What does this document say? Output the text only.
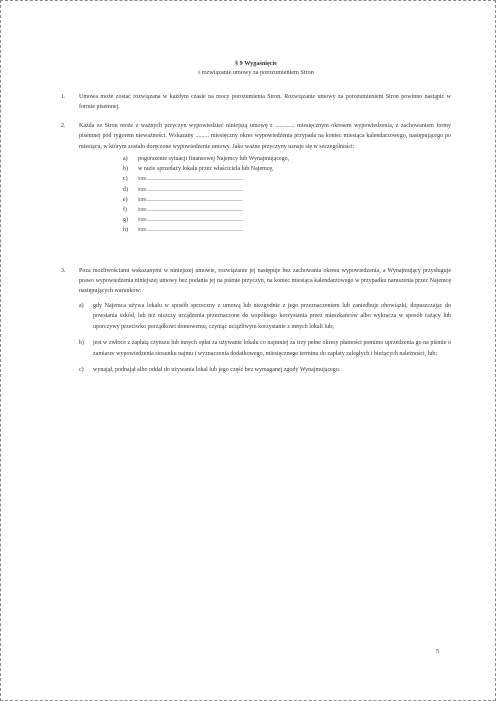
§ 9 Wygaśnięcie
i rozwiązanie umowy za porozumieniem Stron
1. Umowa może zostać rozwiązana w każdym czasie na mocy porozumienia Stron. Rozwiązanie umowy za porozumieniem Stron powinno nastąpić w formie pisemnej.
2. Każda ze Stron może z ważnych przyczyn wypowiedzieć niniejszą umowę z ............. miesięcznym okresem wypowiedzenia, z zachowaniem formy pisemnej pod rygorem nieważności. Wskazany ......... miesięczny okres wypowiedzenia przypada na koniec miesiąca kalendarzowego, następującego po miesiącu, w którym zostało doręczone wypowiedzenie umowy. Jako ważne przyczyny uznaje się w szczególności:
a) pogorszenie sytuacji finansowej Najemcy lub Wynajmującego,
b) w razie sprzedaży lokalu przez właściciela lub Najemcę,
c) inne................................................................................................
d) inne................................................................................................
e) inne................................................................................................
f) inne................................................................................................
g) inne................................................................................................
h) inne................................................................................................
3. Poza możliwościami wskazanymi w niniejszej umowie, rozwiązanie jej następuje bez zachowania okresu wypowiedzenia, a Wynajmujący przysługuje prawo wypowiedzenia niniejszej umowy bez podania jej na piśmie przyczyn, na koniec miesiąca kalendarzowego w przypadku naruszenia przez Najemcę następujących warunków:
a) gdy Najemca używa lokalu w sposób sprzeczny z umową lub niezgodnie z jego przeznaczeniem lub zaniedbuje obowiązki, dopuszczając do powstania szkód, lub też niszczy urządzenia przeznaczone do wspólnego korzystania przez mieszkańców albo wykracza w sposób rażący lub uporczywy przeciwko porządkowi domowemu, czyniąc uciążliwym korzystanie z innych lokali lub;
b) jest w zwłoce z zapłatą czynszu lub innych opłat za używanie lokalu co najmniej za trzy pełne okresy płatności pomimo uprzedzenia go na piśmie o zamiarze wypowiedzenia stosunku najmu i wyznaczenia dodatkowego, miesięcznego terminu do zapłaty zaległych i bieżących należności, lub;
c) wynajął, podnajął albo oddał do używania lokal lub jego część bez wymaganej zgody Wynajmującego.
5
